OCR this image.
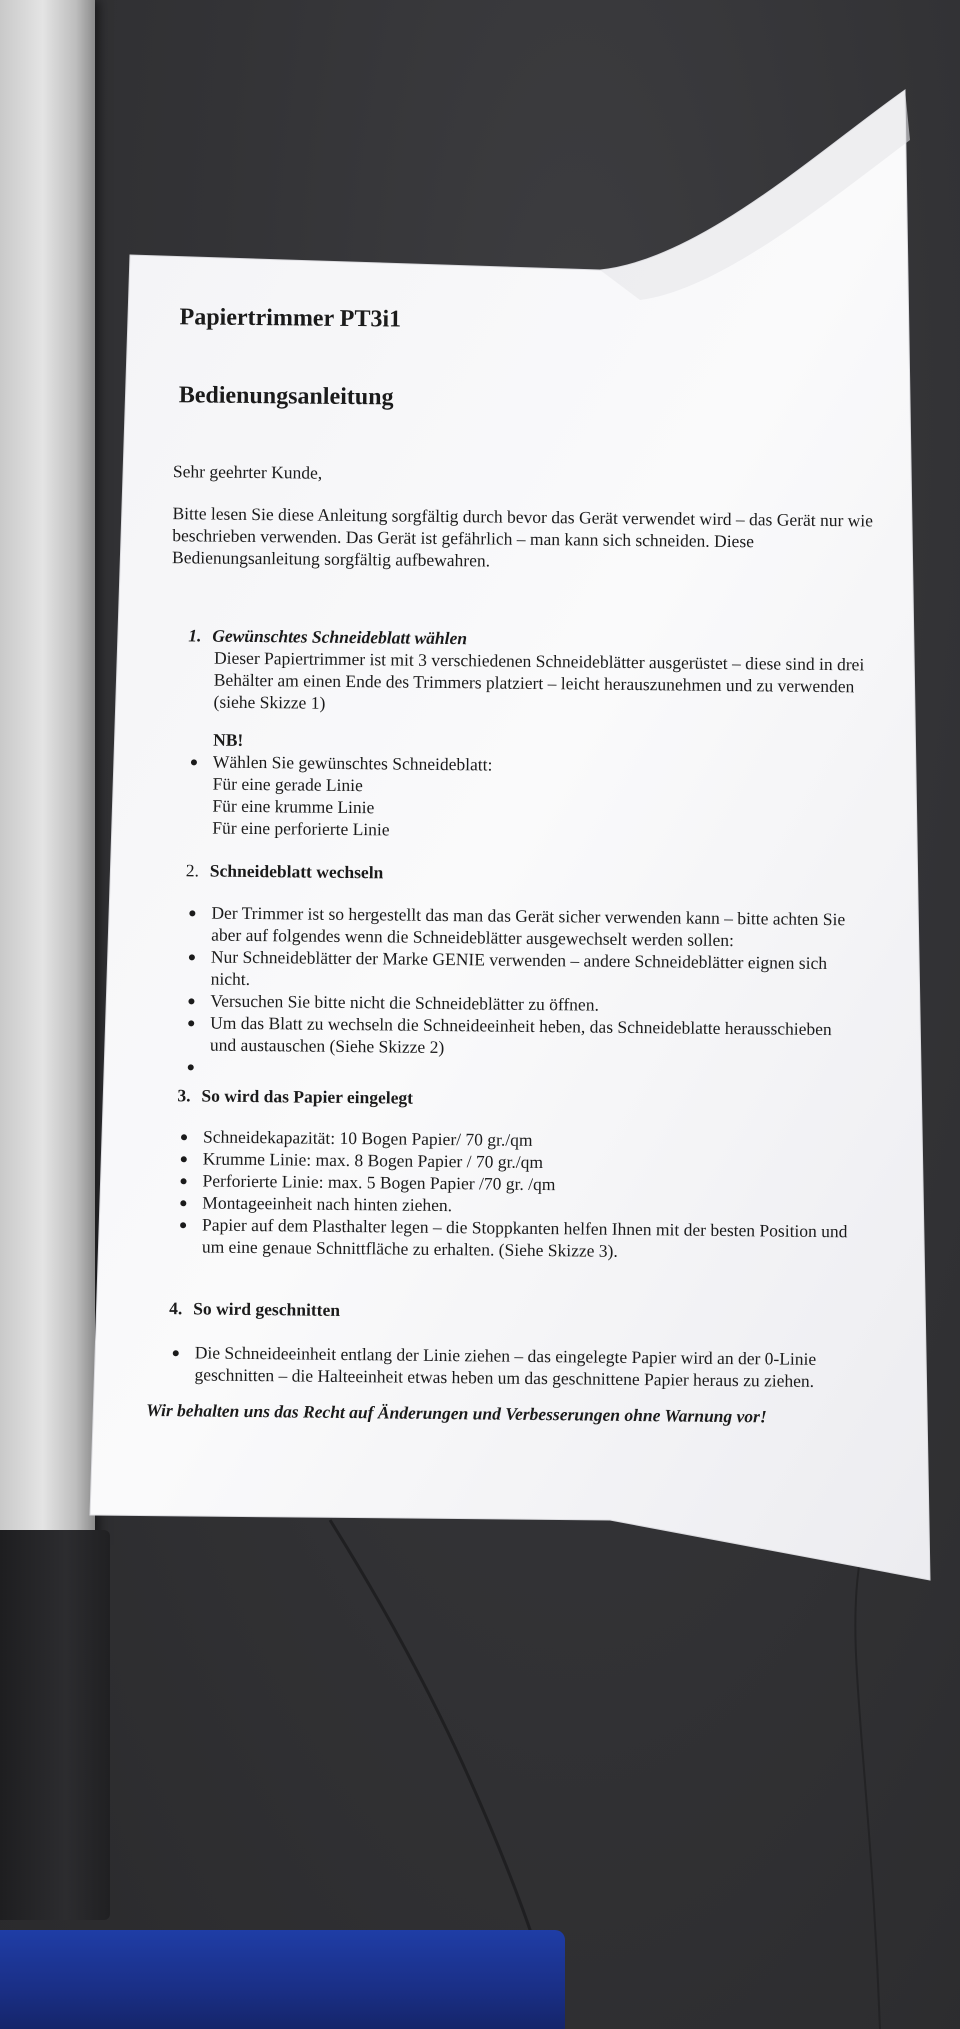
Papiertrimmer PT3i1
Bedienungsanleitung
Sehr geehrter Kunde,
Bitte lesen Sie diese Anleitung sorgfältig durch bevor das Gerät verwendet wird – das Gerät nur wie
beschrieben verwenden. Das Gerät ist gefährlich – man kann sich schneiden. Diese
Bedienungsanleitung sorgfältig aufbewahren.
1. Gewünschtes Schneideblatt wählen
Dieser Papiertrimmer ist mit 3 verschiedenen Schneideblätter ausgerüstet – diese sind in drei
Behälter am einen Ende des Trimmers platziert – leicht herauszunehmen und zu verwenden
(siehe Skizze 1)
NB!
Wählen Sie gewünschtes Schneideblatt:
Für eine gerade Linie
Für eine krumme Linie
Für eine perforierte Linie
2. Schneideblatt wechseln
Der Trimmer ist so hergestellt das man das Gerät sicher verwenden kann – bitte achten Sie
aber auf folgendes wenn die Schneideblätter ausgewechselt werden sollen:
Nur Schneideblätter der Marke GENIE verwenden – andere Schneideblätter eignen sich
nicht.
Versuchen Sie bitte nicht die Schneideblätter zu öffnen.
Um das Blatt zu wechseln die Schneideeinheit heben, das Schneideblatte herausschieben
und austauschen (Siehe Skizze 2)
3. So wird das Papier eingelegt
Schneidekapazität: 10 Bogen Papier/ 70 gr./qm
Krumme Linie: max. 8 Bogen Papier / 70 gr./qm
Perforierte Linie: max. 5 Bogen Papier /70 gr. /qm
Montageeinheit nach hinten ziehen.
Papier auf dem Plasthalter legen – die Stoppkanten helfen Ihnen mit der besten Position und
um eine genaue Schnittfläche zu erhalten. (Siehe Skizze 3).
4. So wird geschnitten
Die Schneideeinheit entlang der Linie ziehen – das eingelegte Papier wird an der 0-Linie
geschnitten – die Halteeinheit etwas heben um das geschnittene Papier heraus zu ziehen.
Wir behalten uns das Recht auf Änderungen und Verbesserungen ohne Warnung vor!
